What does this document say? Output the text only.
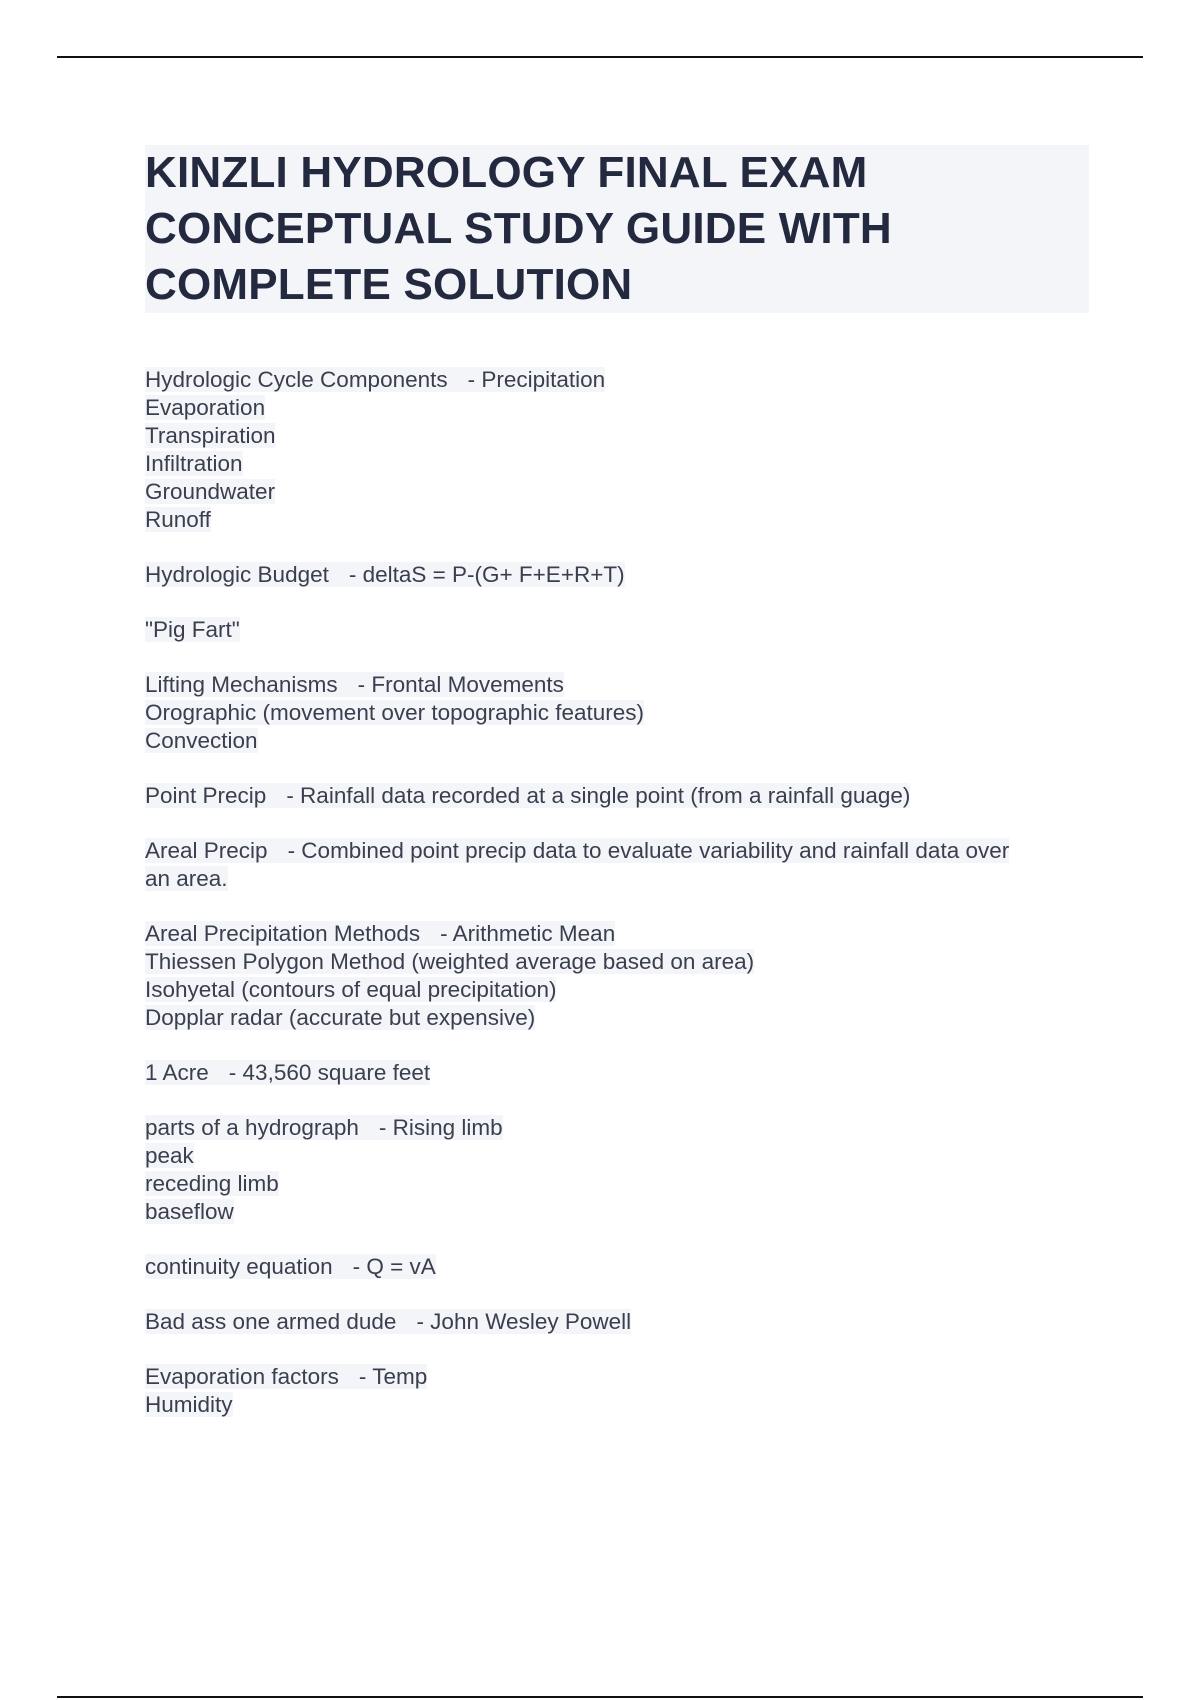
KINZLI HYDROLOGY FINAL EXAM
CONCEPTUAL STUDY GUIDE WITH
COMPLETE SOLUTION
Hydrologic Cycle Components - Precipitation
Evaporation
Transpiration
Infiltration
Groundwater
Runoff
Hydrologic Budget - deltaS = P-(G+ F+E+R+T)
"Pig Fart"
Lifting Mechanisms - Frontal Movements
Orographic (movement over topographic features)
Convection
Point Precip - Rainfall data recorded at a single point (from a rainfall guage)
Areal Precip - Combined point precip data to evaluate variability and rainfall data over
an area.
Areal Precipitation Methods - Arithmetic Mean
Thiessen Polygon Method (weighted average based on area)
Isohyetal (contours of equal precipitation)
Dopplar radar (accurate but expensive)
1 Acre - 43,560 square feet
parts of a hydrograph - Rising limb
peak
receding limb
baseflow
continuity equation - Q = vA
Bad ass one armed dude - John Wesley Powell
Evaporation factors - Temp
Humidity
